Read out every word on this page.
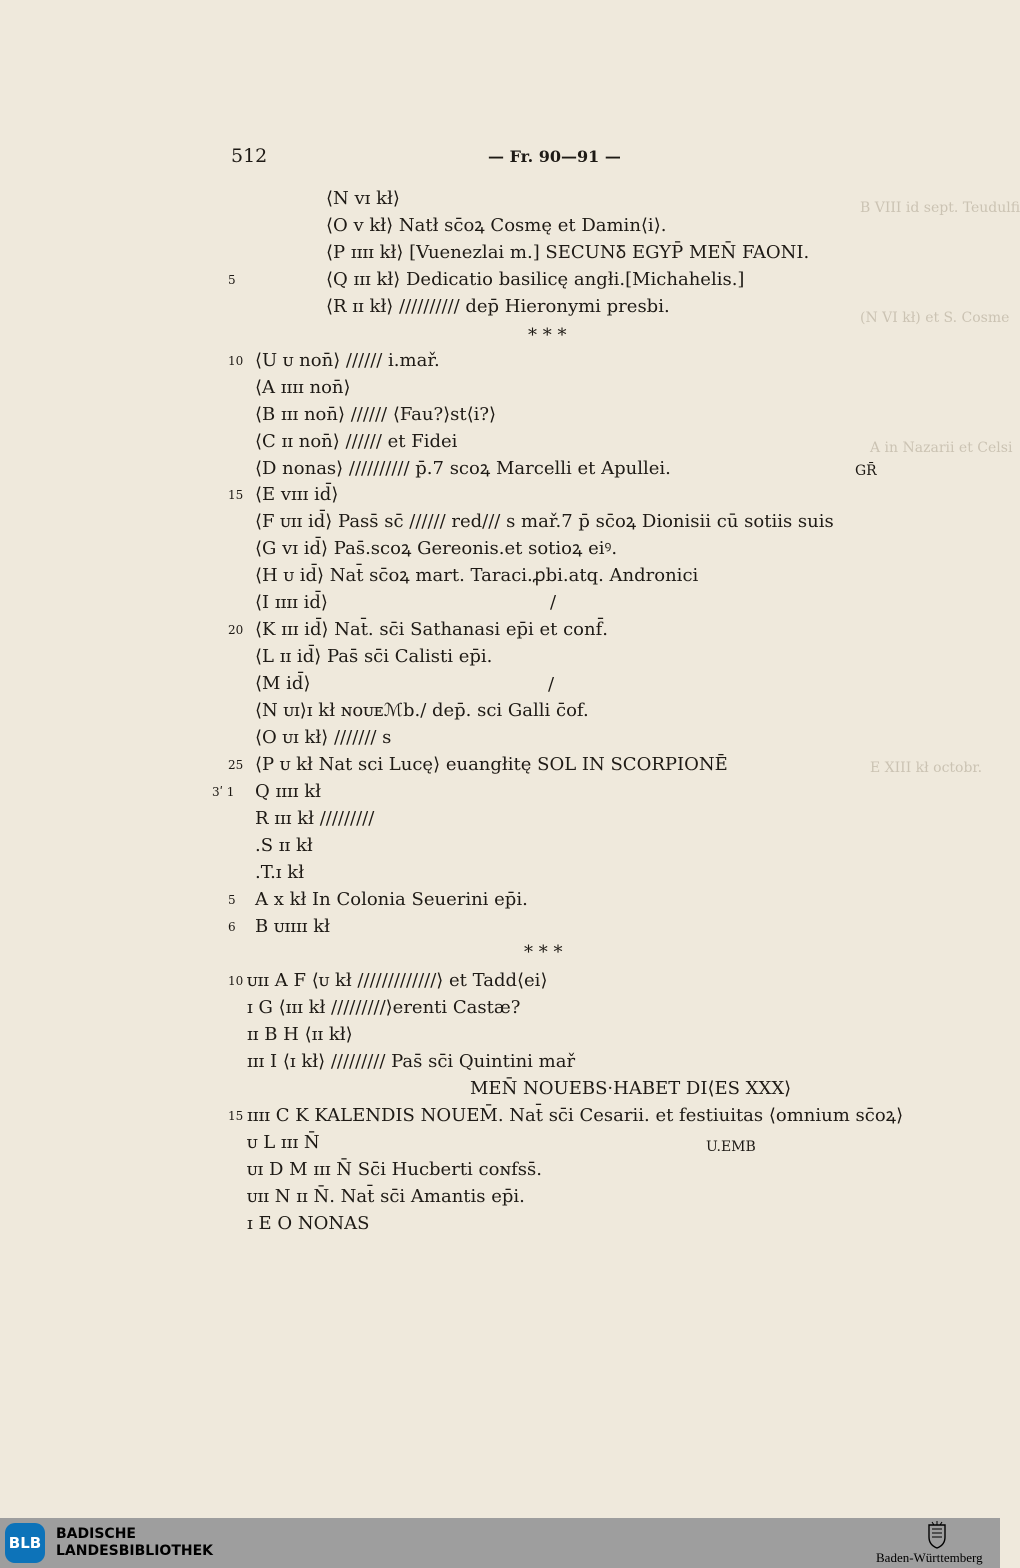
512	— Fr. 90—91 —
B VIII id sept. Teudulfi
(N VI kł) et S. Cosme
A in Nazarii et Celsi
E XIII kł octobr.
⟨N ᴠɪ kł⟩
⟨O ᴠ kł⟩ Natł sc̄oꝝ Cosmę et Damin⟨i⟩.
⟨P ɪɪɪɪ kł⟩ [Vuenezlai m.] SECUNꝽ EGYP̄ MEN̄ FAONI.
5	⟨Q ɪɪɪ kł⟩ Dedicatio basilicę angłi.[Michahelis.]
⟨R ɪɪ kł⟩ ////////// dep̄ Hieronymi presbi.
* * *
10 ⟨U ᴜ non̄⟩ ////// i.mař.
⟨A ɪɪɪɪ non̄⟩
⟨B ɪɪɪ non̄⟩ ////// ⟨Fau?⟩st⟨i?⟩
⟨C ɪɪ non̄⟩ ////// et Fidei
⟨D nonas⟩ ////////// p̄.7 scoꝝ Marcelli et Apullei.
15 ⟨E ᴠɪɪɪ id̄⟩
⟨F ᴜɪɪ id̄⟩ Pass̄ sc̄ ////// red/// s mař.7 p̄ sc̄oꝝ Dionisii cū sotiis suis
⟨G ᴠɪ id̄⟩ Pas̄.scoꝝ Gereonis.et sotioꝝ eiꝰ.
⟨H ᴜ id̄⟩ Nat̄ sc̄oꝝ mart. Taraci.ꝓbi.atq. Andronici
⟨I ɪɪɪɪ id̄⟩
20 ⟨K ɪɪɪ id̄⟩ Nat̄. sc̄i Sathanasi ep̄i et conf̄.
⟨L ɪɪ id̄⟩ Pas̄ sc̄i Calisti ep̄i.
⟨M id̄⟩
⟨N ᴜɪ⟩ɪ kł ɴᴏᴜᴇℳb./ dep̄. sci Galli c̄of.
⟨O ᴜɪ kł⟩ /////// s
25 ⟨P ᴜ kł Nat sci Lucę⟩ euangłitę SOL IN SCORPIONĒ
3ʹ 1 Q ɪɪɪɪ kł
R ɪɪɪ kł /////////
.S ɪɪ kł
.T.ɪ kł
5 A x kł In Colonia Seuerini ep̄i.
6 B ᴜɪɪɪɪ kł
* * *
10 ᴜɪɪ A F ⟨ᴜ kł /////////////⟩ et Tadd⟨ei⟩
ɪ G ⟨ɪɪɪ kł /////////⟩erenti Castæ?
ɪɪ B H ⟨ɪɪ kł⟩
ɪɪɪ I ⟨ɪ kł⟩ ///////// Pas̄ sc̄i Quintini mař
MEN̄ NOUEBS·HABET DI⟨ES XXX⟩
15 ɪɪɪɪ C K KALENDIS NOUEM̄. Nat̄ sc̄i Cesarii. et festiuitas ⟨omnium sc̄oꝝ⟩
ᴜ L ɪɪɪ N̄
ᴜɪ D M ɪɪɪ N̄ Sc̄i Hucberti coɴfss̄.
ᴜɪɪ N ɪɪ N̄. Nat̄ sc̄i Amantis ep̄i.
ɪ E O NONAS
GR̄
U.EMB
/
/
BLB BADISCHE
LANDESBIBLIOTHEK	Baden-Württemberg
